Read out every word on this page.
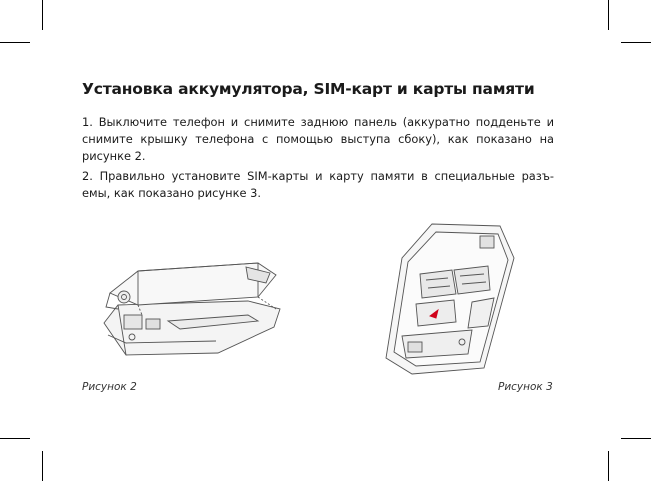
Установка аккумулятора, SIM-карт и карты памяти
1. Выключите телефон и снимите заднюю панель (аккуратно подденьте и снимите крышку телефона с помощью выступа сбоку), как показано на рисунке 2.
2. Правильно установите SIM-карты и карту памяти в специальные разъ-емы, как показано рисунке 3.
Рисунок 2	Рисунок 3
